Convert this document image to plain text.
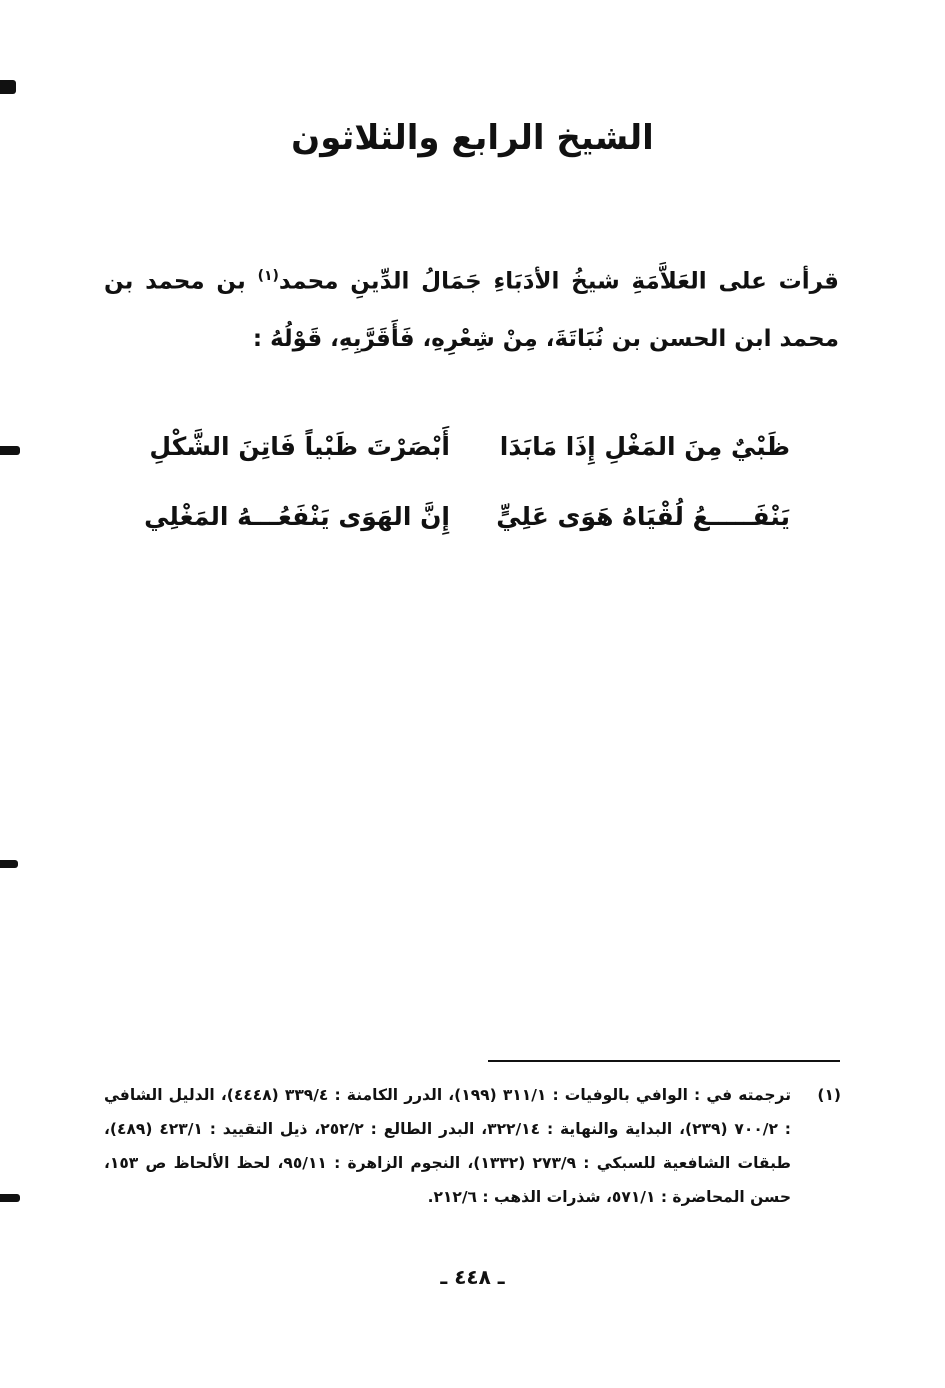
الشيخ الرابع والثلاثون
قرأت على العَلاَّمَةِ شيخُ الأدَبَاءِ جَمَالُ الدِّينِ محمد$^{(١)}$ بن محمد بن محمد ابن الحسن بن نُبَاتَةَ، مِنْ شِعْرِهِ، فَأَقَرَّبِهِ، قَوْلُهُ :
ظَبْيٌ مِنَ المَغْلِ إِذَا مَابَدَا
أَبْصَرْتَ ظَبْياً فَاتِنَ الشَّكْلِ
يَنْفَـــــعُ لُقْيَاهُ هَوَى عَلِيٍّ
إِنَّ الهَوَى يَنْفَعُـــهُ المَغْلِي
(١)
ترجمته في : الوافي بالوفيات : ٣١١/١ (١٩٩)، الدرر الكامنة : ٣٣٩/٤ (٤٤٤٨)، الدليل الشافي : ٧٠٠/٢ (٢٣٩)، البداية والنهاية : ٣٢٢/١٤، البدر الطالع : ٢٥٢/٢، ذيل التقييد : ٤٢٣/١ (٤٨٩)، طبقات الشافعية للسبكي : ٢٧٣/٩ (١٣٣٢)، النجوم الزاهرة : ٩٥/١١، لحظ الألحاظ ص ١٥٣، حسن المحاضرة : ٥٧١/١، شذرات الذهب : ٢١٢/٦.
ـ ٤٤٨ ـ
